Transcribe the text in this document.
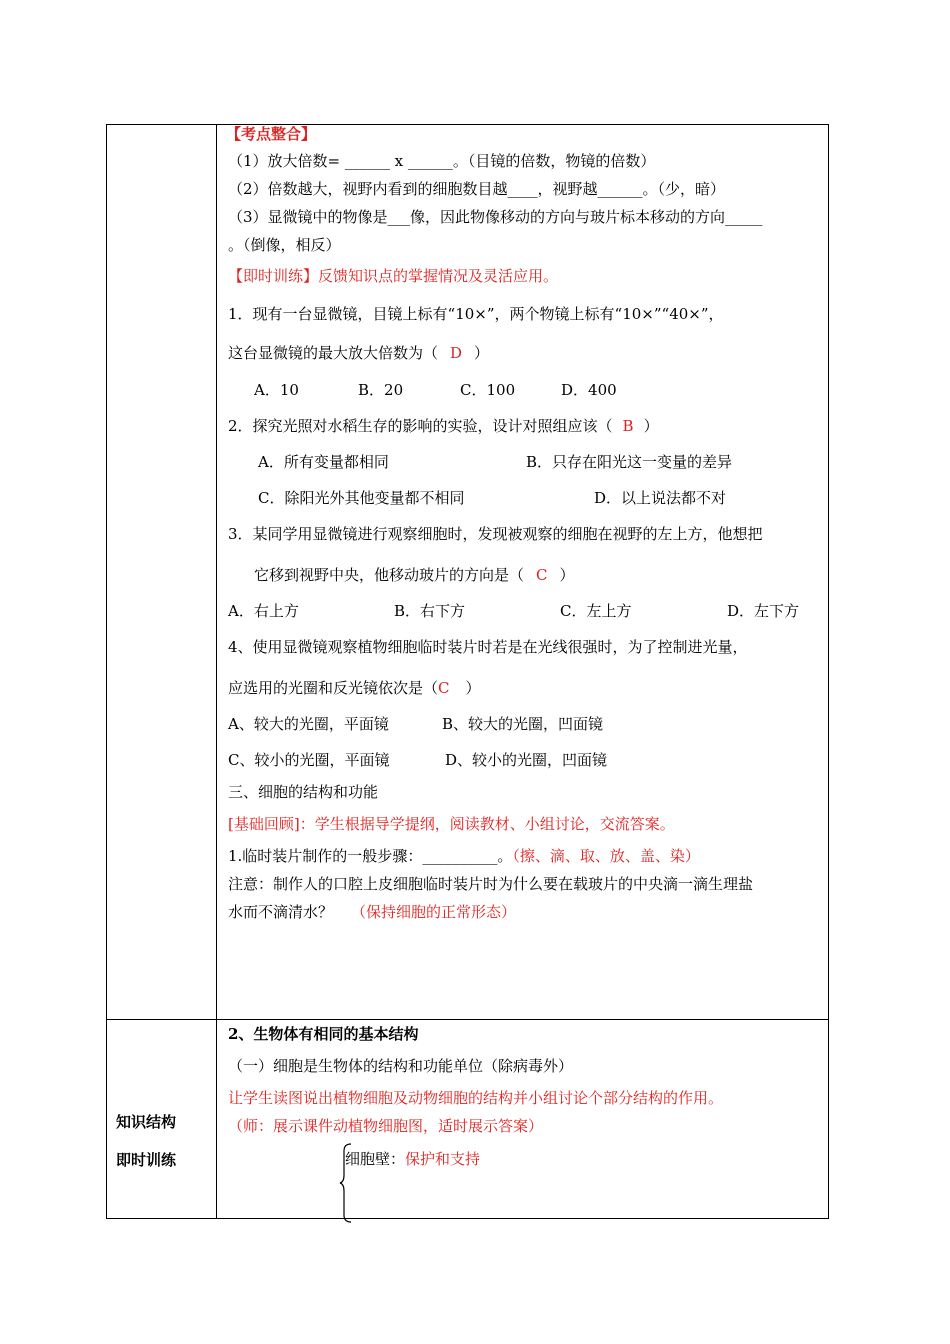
【考点整合】
（1）放大倍数= ______ x ______。（目镜的倍数，物镜的倍数）
（2）倍数越大，视野内看到的细胞数目越____，视野越______。（少，暗）
（3）显微镜中的物像是___像，因此物像移动的方向与玻片标本移动的方向_____
。（倒像，相反）
【即时训练】反馈知识点的掌握情况及灵活应用。
1．现有一台显微镜，目镜上标有“10×”，两个物镜上标有“10×”“40×”，
这台显微镜的最大放大倍数为（ D ）
A．10	B．20	C．100	D．400
2．探究光照对水稻生存的影响的实验，设计对照组应该（ B ）
A．所有变量都相同	B．只存在阳光这一变量的差异
C．除阳光外其他变量都不相同	D．以上说法都不对
3．某同学用显微镜进行观察细胞时，发现被观察的细胞在视野的左上方，他想把
它移到视野中央，他移动玻片的方向是（ C ）
A．右上方	B．右下方	C．左上方	D．左下方
4、使用显微镜观察植物细胞临时装片时若是在光线很强时，为了控制进光量，
应选用的光圈和反光镜依次是（C ）
A、较大的光圈，平面镜	B、较大的光圈，凹面镜
C、较小的光圈，平面镜	D、较小的光圈，凹面镜
三、细胞的结构和功能
[基础回顾]：学生根据导学提纲，阅读教材、小组讨论，交流答案。
1.临时装片制作的一般步骤：__________。（擦、滴、取、放、盖、染）
注意：制作人的口腔上皮细胞临时装片时为什么要在载玻片的中央滴一滴生理盐
水而不滴清水？ （保持细胞的正常形态）
知识结构
即时训练
2、生物体有相同的基本结构
（一）细胞是生物体的结构和功能单位（除病毒外）
让学生读图说出植物细胞及动物细胞的结构并小组讨论个部分结构的作用。
（师：展示课件动植物细胞图，适时展示答案）
细胞壁：保护和支持
